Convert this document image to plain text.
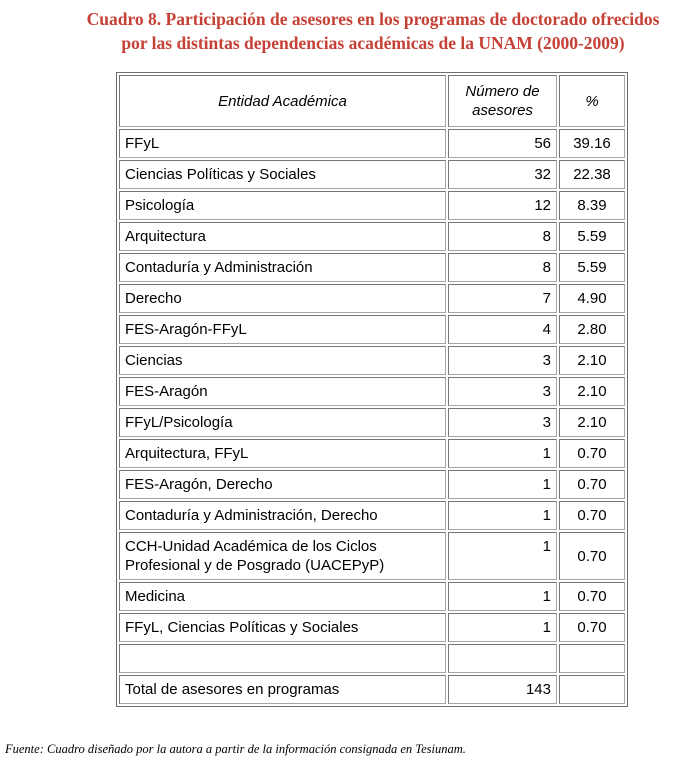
Cuadro 8. Participación de asesores en los programas de doctorado ofrecidos
por las distintas dependencias académicas de la UNAM (2000-2009)
Entidad Académica	Número de asesores	%
FFyL	56	39.16
Ciencias Políticas y Sociales	32	22.38
Psicología	12	8.39
Arquitectura	8	5.59
Contaduría y Administración	8	5.59
Derecho	7	4.90
FES-Aragón-FFyL	4	2.80
Ciencias	3	2.10
FES-Aragón	3	2.10
FFyL/Psicología	3	2.10
Arquitectura, FFyL	1	0.70
FES-Aragón, Derecho	1	0.70
Contaduría y Administración, Derecho	1	0.70
CCH-Unidad Académica de los Ciclos Profesional y de Posgrado (UACEPyP)	1	0.70
Medicina	1	0.70
FFyL, Ciencias Políticas y Sociales	1	0.70

Total de asesores en programas	143	
Fuente: Cuadro diseñado por la autora a partir de la información consignada en Tesiunam.
